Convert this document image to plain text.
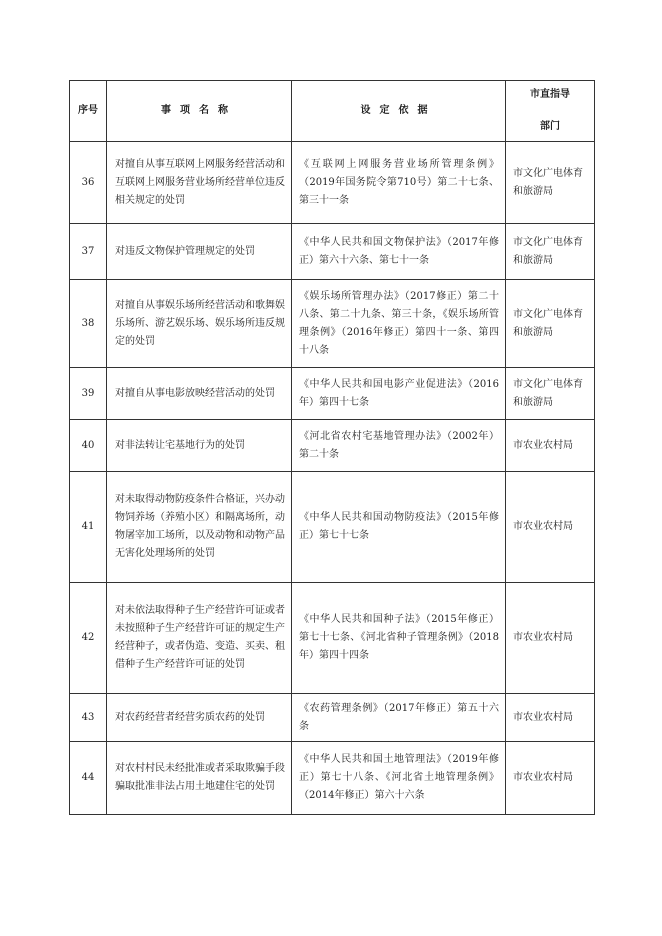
序号	事项名称	设定依据	市直指导
部门

36	对擅自从事互联网上网服务经营活动和互联网上网服务营业场所经营单位违反相关规定的处罚	《互联网上网服务营业场所管理条例》（2019年国务院令第710号）第二十七条、第三十一条	市文化广电体育和旅游局
37	对违反文物保护管理规定的处罚	《中华人民共和国文物保护法》（2017年修正）第六十六条、第七十一条	市文化广电体育和旅游局
38	对擅自从事娱乐场所经营活动和歌舞娱乐场所、游艺娱乐场、娱乐场所违反规定的处罚	《娱乐场所管理办法》（2017修正）第二十八条、第二十九条、第三十条，《娱乐场所管理条例》（2016年修正）第四十一条、第四十八条	市文化广电体育和旅游局
39	对擅自从事电影放映经营活动的处罚	《中华人民共和国电影产业促进法》（2016年）第四十七条	市文化广电体育和旅游局
40	对非法转让宅基地行为的处罚	《河北省农村宅基地管理办法》（2002年）第二十条	市农业农村局
41	对未取得动物防疫条件合格证，兴办动物饲养场（养殖小区）和隔离场所，动物屠宰加工场所，以及动物和动物产品无害化处理场所的处罚	《中华人民共和国动物防疫法》（2015年修正）第七十七条	市农业农村局
42	对未依法取得种子生产经营许可证或者未按照种子生产经营许可证的规定生产经营种子，或者伪造、变造、买卖、租借种子生产经营许可证的处罚	《中华人民共和国种子法》（2015年修正）第七十七条、《河北省种子管理条例》（2018年）第四十四条	市农业农村局
43	对农药经营者经营劣质农药的处罚	《农药管理条例》（2017年修正）第五十六条	市农业农村局
44	对农村村民未经批准或者采取欺骗手段骗取批准非法占用土地建住宅的处罚	《中华人民共和国土地管理法》（2019年修正）第七十八条、《河北省土地管理条例》（2014年修正）第六十六条	市农业农村局
